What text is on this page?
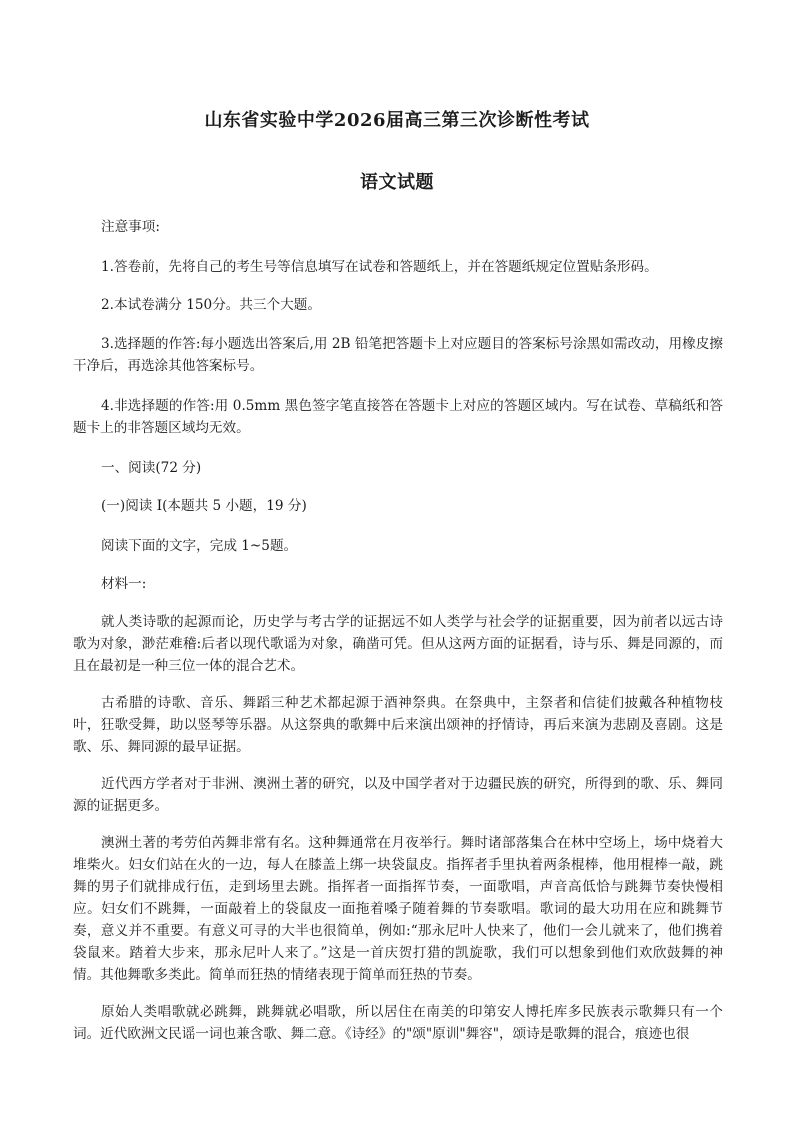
山东省实验中学2026届高三第三次诊断性考试
语文试题
注意事项:
1.答卷前，先将自己的考生号等信息填写在试卷和答题纸上，并在答题纸规定位置贴条形码。
2.本试卷满分 150分。共三个大题。
3.选择题的作答:每小题选出答案后,用 2B 铅笔把答题卡上对应题目的答案标号涂黑如需改动，用橡皮擦干净后，再选涂其他答案标号。
4.非选择题的作答:用 0.5mm 黑色签字笔直接答在答题卡上对应的答题区域内。写在试卷、草稿纸和答题卡上的非答题区域均无效。
一、阅读(72 分)
(一)阅读 I(本题共 5 小题，19 分)
阅读下面的文字，完成 1~5题。
材料一:
就人类诗歌的起源而论，历史学与考古学的证据远不如人类学与社会学的证据重要，因为前者以远古诗歌为对象，渺茫难稽:后者以现代歌谣为对象，确凿可凭。但从这两方面的证据看，诗与乐、舞是同源的，而且在最初是一种三位一体的混合艺术。
古希腊的诗歌、音乐、舞蹈三种艺术都起源于酒神祭典。在祭典中，主祭者和信徒们披戴各种植物枝叶，狂歌受舞，助以竖琴等乐器。从这祭典的歌舞中后来演出颂神的抒情诗，再后来演为悲剧及喜剧。这是歌、乐、舞同源的最早证据。
近代西方学者对于非洲、澳洲土著的研究，以及中国学者对于边疆民族的研究，所得到的歌、乐、舞同源的证据更多。
澳洲土著的考劳伯芮舞非常有名。这种舞通常在月夜举行。舞时诸部落集合在林中空场上，场中烧着大堆柴火。妇女们站在火的一边，每人在膝盖上绑一块袋鼠皮。指挥者手里执着两条棍棒，他用棍棒一敲，跳舞的男子们就排成行伍，走到场里去跳。指挥者一面指挥节奏，一面歌唱，声音高低恰与跳舞节奏快慢相应。妇女们不跳舞，一面敲着上的袋鼠皮一面拖着嗓子随着舞的节奏歌唱。歌词的最大功用在应和跳舞节奏，意义并不重要。有意义可寻的大半也很简单，例如:“那永尼叶人快来了，他们一会儿就来了，他们携着袋鼠来。踏着大步来，那永尼叶人来了。”这是一首庆贺打猎的凯旋歌，我们可以想象到他们欢欣鼓舞的神情。其他舞歌多类此。简单而狂热的情绪表现于简单而狂热的节奏。
原始人类唱歌就必跳舞，跳舞就必唱歌，所以居住在南美的印第安人博托库多民族表示歌舞只有一个词。近代欧洲文民谣一词也兼含歌、舞二意。《诗经》的"颂"原训"舞容"，颂诗是歌舞的混合，痕迹也很
